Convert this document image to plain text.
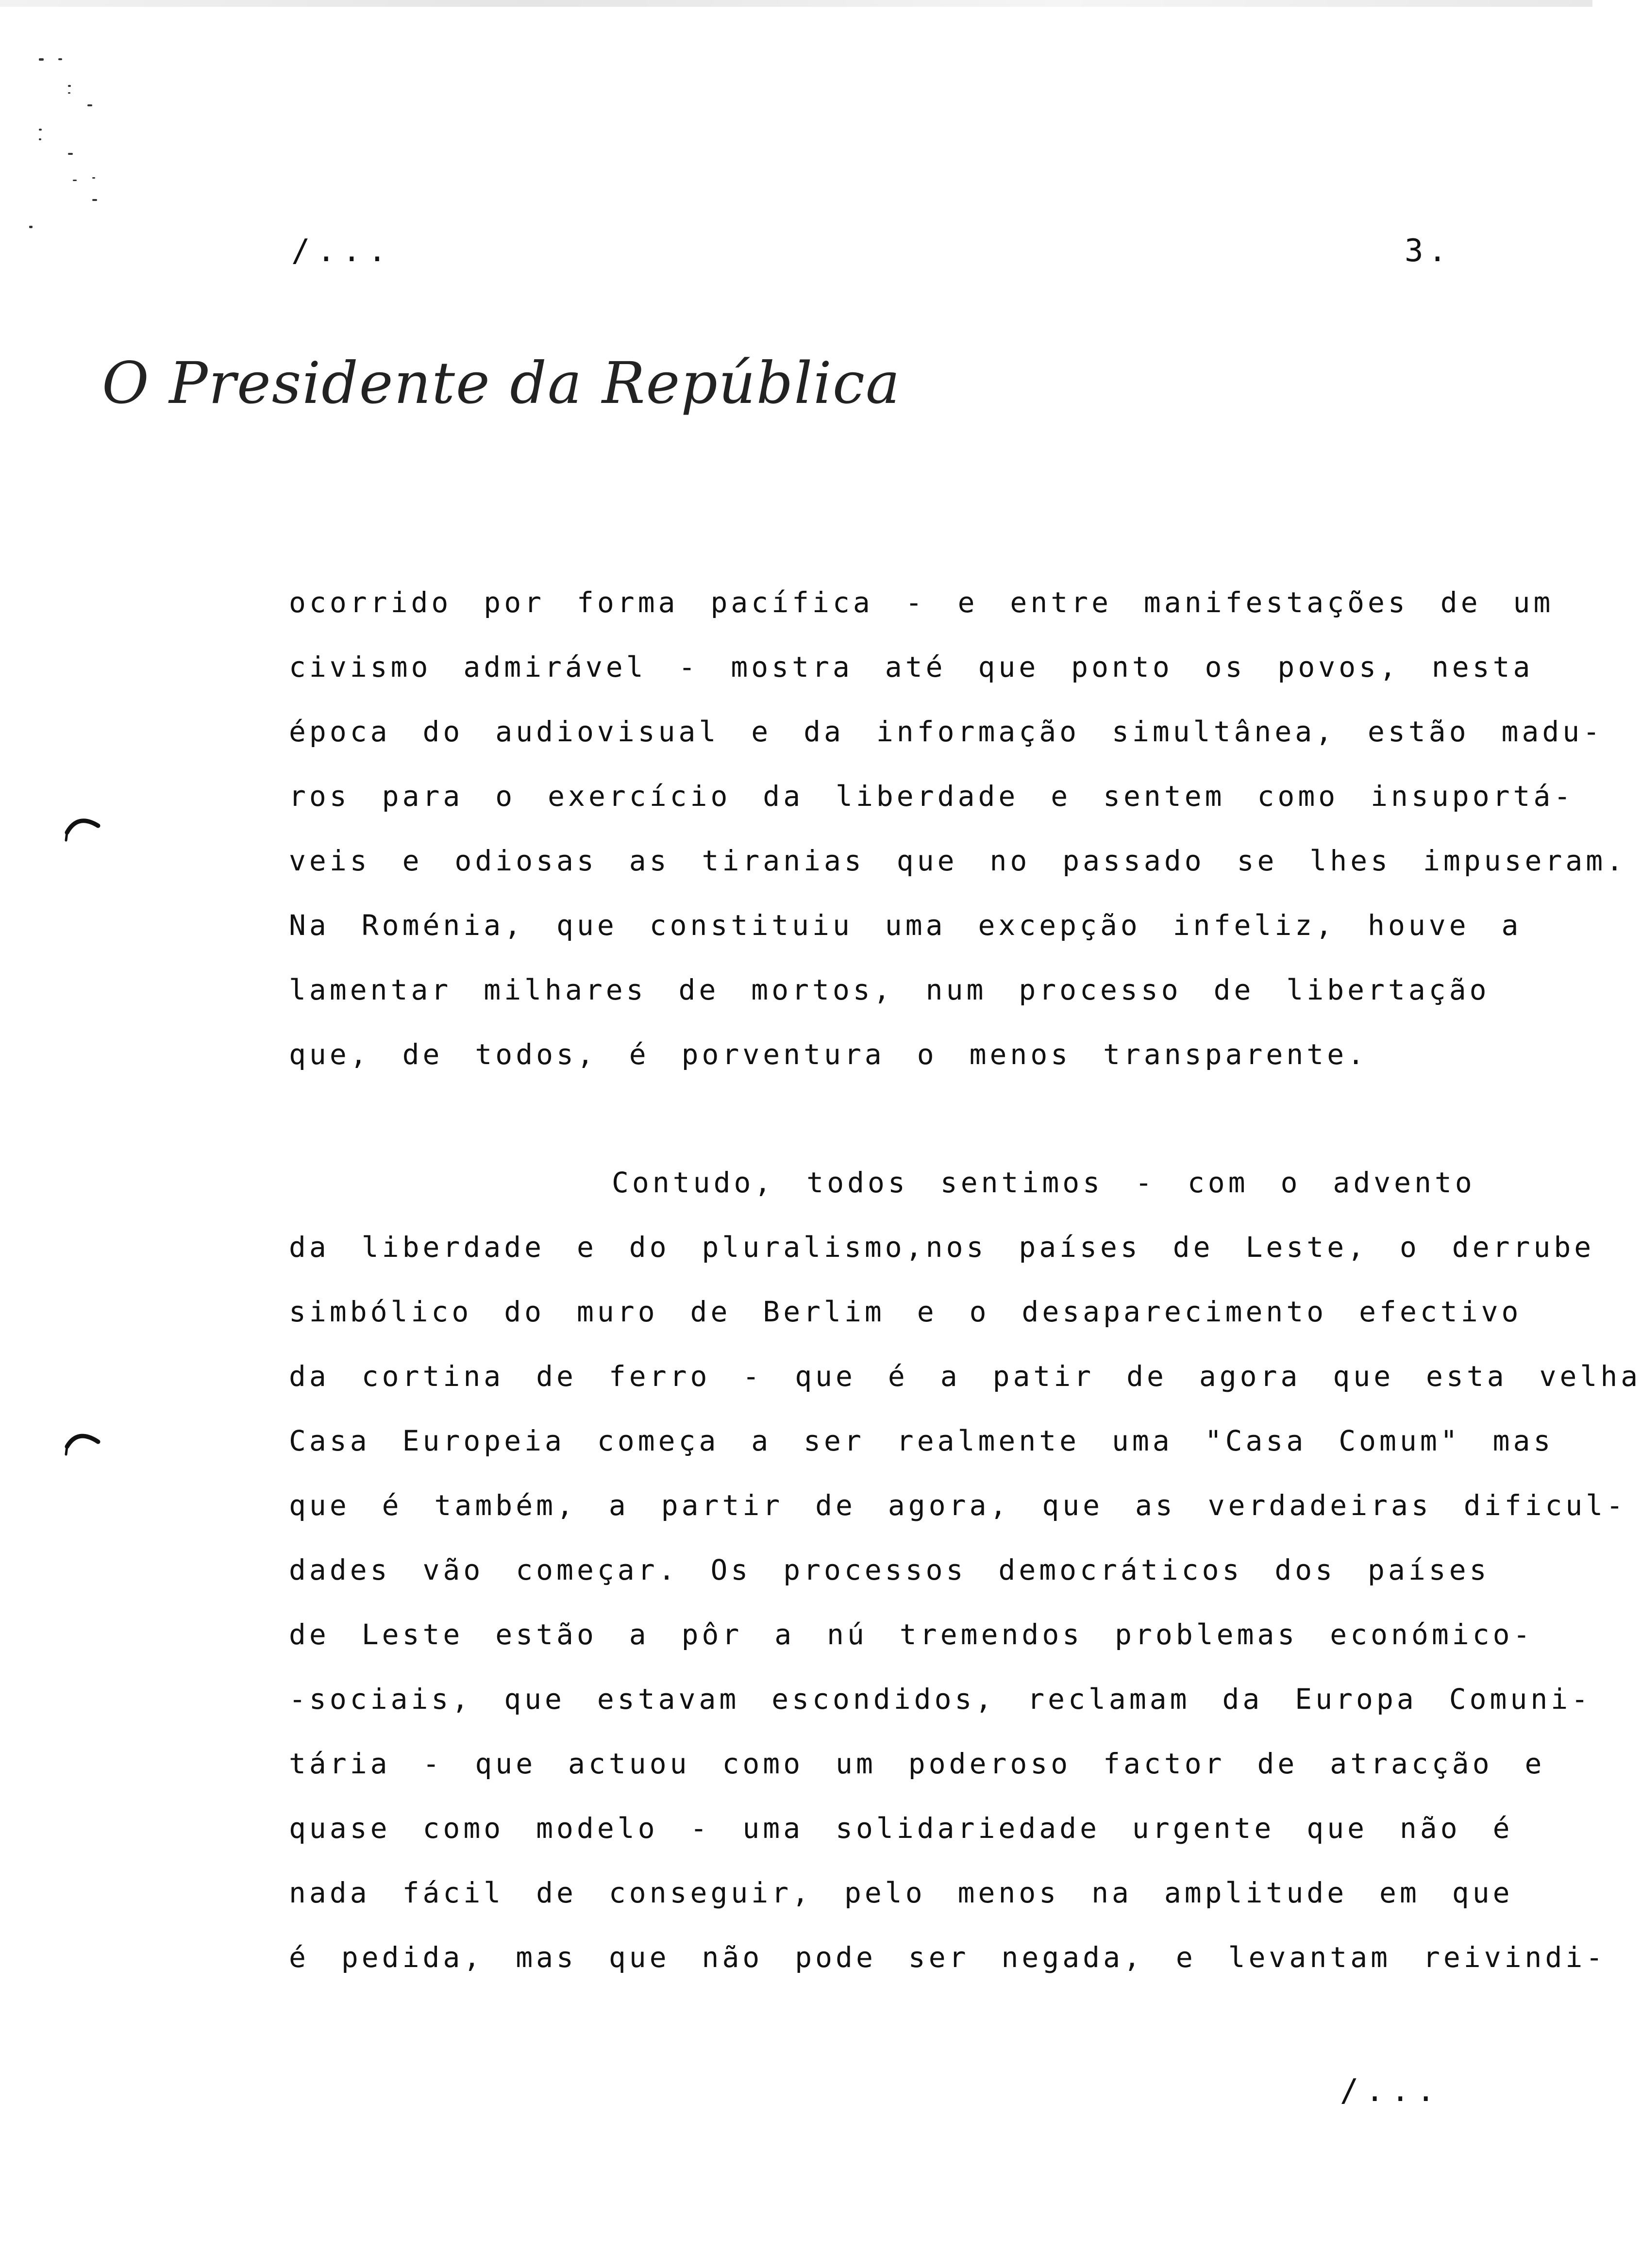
/...	3.
O Presidente da República
ocorrido por forma pacífica - e entre manifestações de um
civismo admirável - mostra até que ponto os povos, nesta
época do audiovisual e da informação simultânea, estão madu-
ros para o exercício da liberdade e sentem como insuportá-
veis e odiosas as tiranias que no passado se lhes impuseram.
Na Roménia, que constituiu uma excepção infeliz, houve a
lamentar milhares de mortos, num processo de libertação
que, de todos, é porventura o menos transparente.
Contudo, todos sentimos - com o advento
da liberdade e do pluralismo,nos países de Leste, o derrube
simbólico do muro de Berlim e o desaparecimento efectivo
da cortina de ferro - que é a patir de agora que esta velha
Casa Europeia começa a ser realmente uma "Casa Comum" mas
que é também, a partir de agora, que as verdadeiras dificul-
dades vão começar. Os processos democráticos dos países
de Leste estão a pôr a nú tremendos problemas económico-
-sociais, que estavam escondidos, reclamam da Europa Comuni-
tária - que actuou como um poderoso factor de atracção e
quase como modelo - uma solidariedade urgente que não é
nada fácil de conseguir, pelo menos na amplitude em que
é pedida, mas que não pode ser negada, e levantam reivindi-
/...
